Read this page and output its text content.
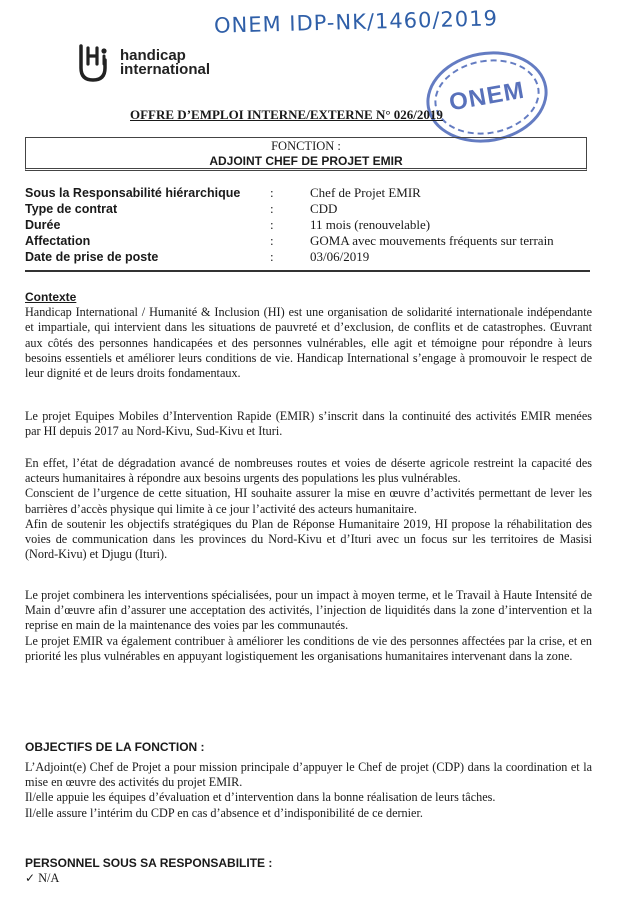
ONEM IDP-NK/1460/2019
handicap
international
ONEM
OFFRE D’EMPLOI INTERNE/EXTERNE N° 026/2019
FONCTION :
ADJOINT CHEF DE PROJET EMIR
Sous la Responsabilité hiérarchique	:	Chef de Projet EMIR
Type de contrat	:	CDD
Durée	:	11 mois (renouvelable)
Affectation	:	GOMA avec mouvements fréquents sur terrain
Date de prise de poste	:	03/06/2019

Contexte

Handicap International / Humanité & Inclusion (HI) est une organisation de solidarité internationale indépendante et impartiale, qui intervient dans les situations de pauvreté et d’exclusion, de conflits et de catastrophes. Œuvrant aux côtés des personnes handicapées et des personnes vulnérables, elle agit et témoigne pour répondre à leurs besoins essentiels et améliorer leurs conditions de vie. Handicap International s’engage à promouvoir le respect de leur dignité et de leurs droits fondamentaux.

Le projet Equipes Mobiles d’Intervention Rapide (EMIR) s’inscrit dans la continuité des activités EMIR menées par HI depuis 2017 au Nord-Kivu, Sud-Kivu et Ituri.

En effet, l’état de dégradation avancé de nombreuses routes et voies de déserte agricole restreint la capacité des acteurs humanitaires à répondre aux besoins urgents des populations les plus vulnérables.

Conscient de l’urgence de cette situation, HI souhaite assurer la mise en œuvre d’activités permettant de lever les barrières d’accès physique qui limite à ce jour l’activité des acteurs humanitaire.

Afin de soutenir les objectifs stratégiques du Plan de Réponse Humanitaire 2019, HI propose la réhabilitation des voies de communication dans les provinces du Nord-Kivu et d’Ituri avec un focus sur les territoires de Masisi (Nord-Kivu) et Djugu (Ituri).

Le projet combinera les interventions spécialisées, pour un impact à moyen terme, et le Travail à Haute Intensité de Main d’œuvre afin d’assurer une acceptation des activités, l’injection de liquidités dans la zone d’intervention et la reprise en main de la maintenance des voies par les communautés.

Le projet EMIR va également contribuer à améliorer les conditions de vie des personnes affectées par la crise, et en priorité les plus vulnérables en appuyant logistiquement les organisations humanitaires intervenant dans la zone.

OBJECTIFS DE LA FONCTION :

L’Adjoint(e) Chef de Projet a pour mission principale d’appuyer le Chef de projet (CDP) dans la coordination et la mise en œuvre des activités du projet EMIR.

Il/elle appuie les équipes d’évaluation et d’intervention dans la bonne réalisation de leurs tâches.

Il/elle assure l’intérim du CDP en cas d’absence et d’indisponibilité de ce dernier.

PERSONNEL SOUS SA RESPONSABILITE :

✓ N/A
